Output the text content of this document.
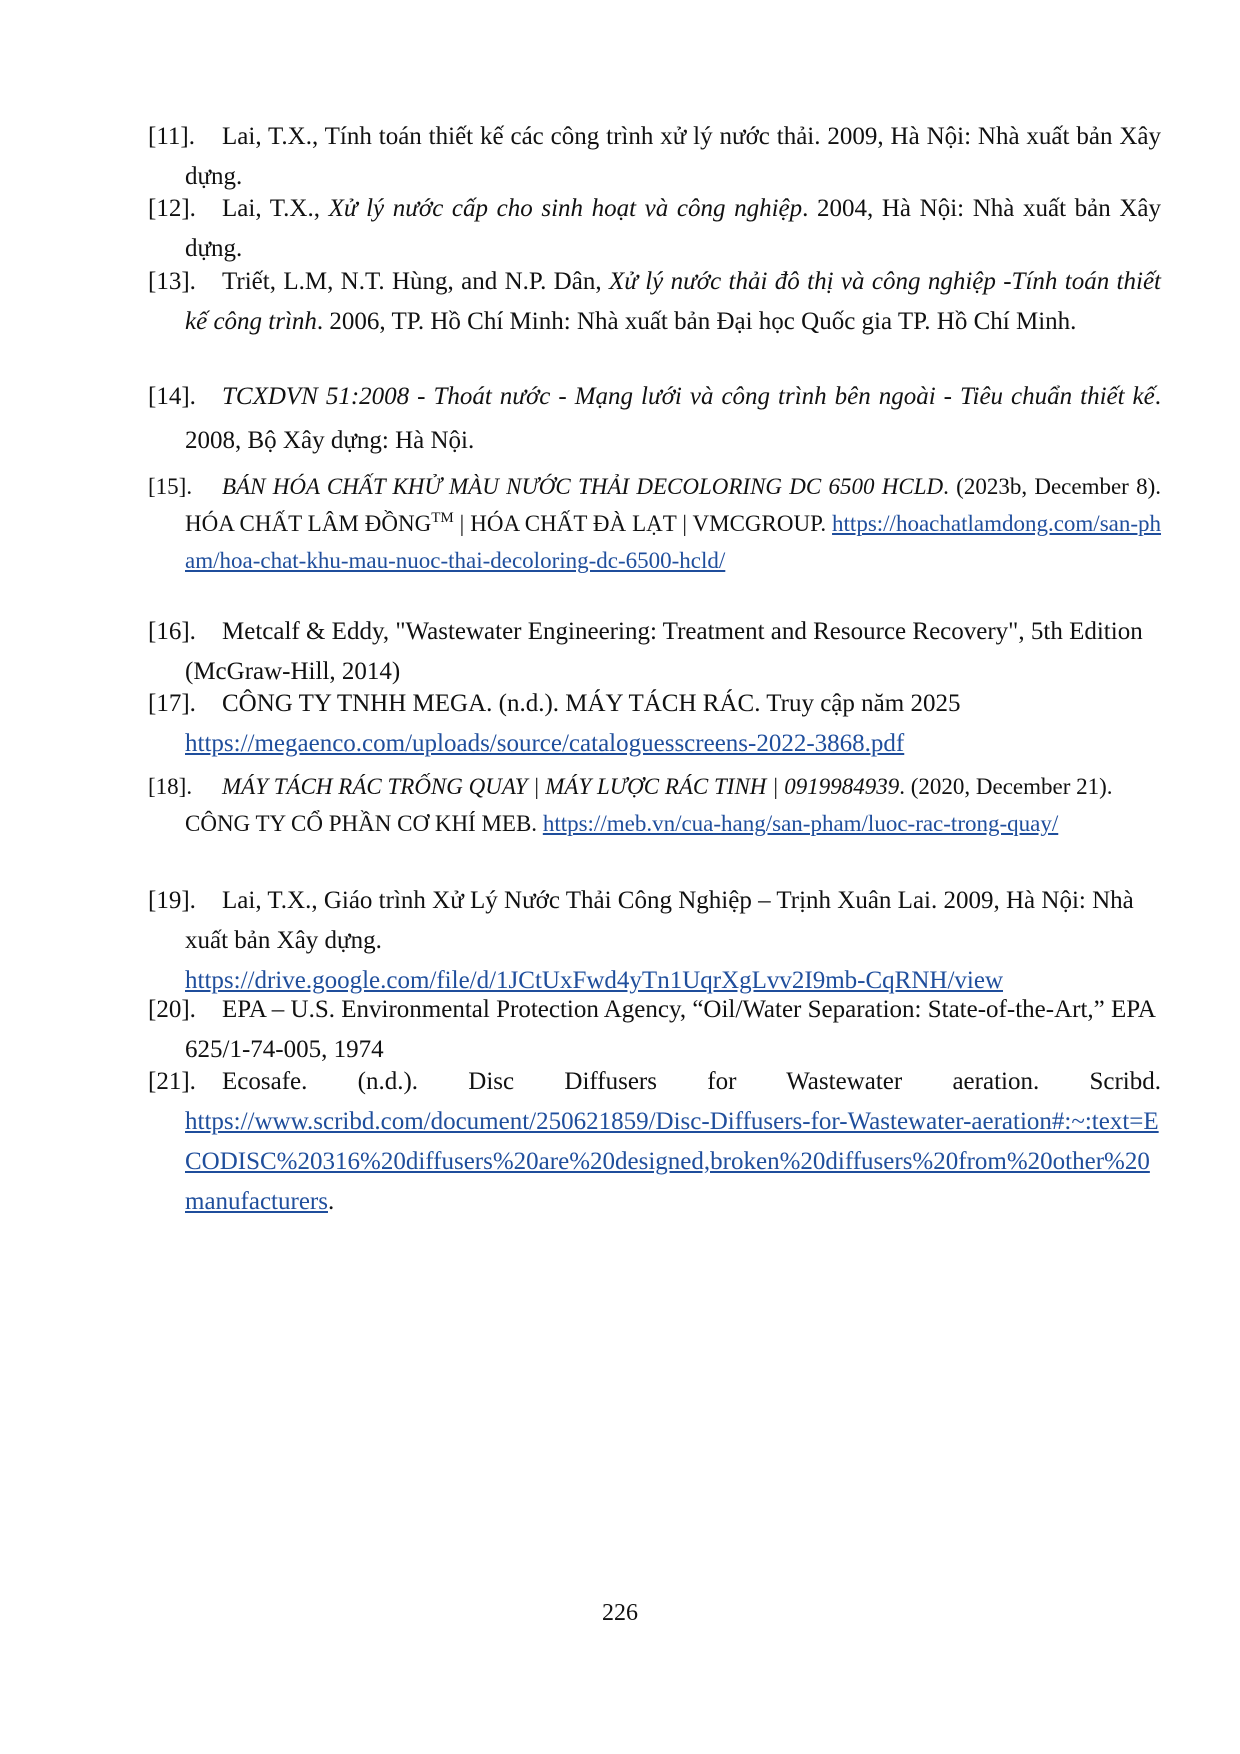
[11]. Lai, T.X., Tính toán thiết kế các công trình xử lý nước thải. 2009, Hà Nội: Nhà xuất bản Xây dựng.
[12]. Lai, T.X., Xử lý nước cấp cho sinh hoạt và công nghiệp. 2004, Hà Nội: Nhà xuất bản Xây dựng.
[13]. Triết, L.M, N.T. Hùng, and N.P. Dân, Xử lý nước thải đô thị và công nghiệp -Tính toán thiết kế công trình. 2006, TP. Hồ Chí Minh: Nhà xuất bản Đại học Quốc gia TP. Hồ Chí Minh.
[14]. TCXDVN 51:2008 - Thoát nước - Mạng lưới và công trình bên ngoài - Tiêu chuẩn thiết kế. 2008, Bộ Xây dựng: Hà Nội.
[15]. BÁN HÓA CHẤT KHỬ MÀU NƯỚC THẢI DECOLORING DC 6500 HCLD. (2023b, December 8). HÓA CHẤT LÂM ĐỒNG™ | HÓA CHẤT ĐÀ LẠT | VMCGROUP. https://hoachatlamdong.com/san-pham/hoa-chat-khu-mau-nuoc-thai-decoloring-dc-6500-hcld/
[16]. Metcalf & Eddy, "Wastewater Engineering: Treatment and Resource Recovery", 5th Edition (McGraw-Hill, 2014)
[17]. CÔNG TY TNHH MEGA. (n.d.). MÁY TÁCH RÁC. Truy cập năm 2025
https://megaenco.com/uploads/source/cataloguesscreens-2022-3868.pdf
[18]. MÁY TÁCH RÁC TRỐNG QUAY | MÁY LƯỢC RÁC TINH | 0919984939. (2020, December 21). CÔNG TY CỔ PHẦN CƠ KHÍ MEB. https://meb.vn/cua-hang/san-pham/luoc-rac-trong-quay/
[19]. Lai, T.X., Giáo trình Xử Lý Nước Thải Công Nghiệp – Trịnh Xuân Lai. 2009, Hà Nội: Nhà xuất bản Xây dựng.
https://drive.google.com/file/d/1JCtUxFwd4yTn1UqrXgLvv2I9mb-CqRNH/view
[20]. EPA – U.S. Environmental Protection Agency, “Oil/Water Separation: State-of-the-Art,” EPA 625/1-74-005, 1974
[21]. Ecosafe. (n.d.). Disc Diffusers for Wastewater aeration. Scribd.
https://www.scribd.com/document/250621859/Disc-Diffusers-for-Wastewater-aeration#:~:text=ECODISC%20316%20diffusers%20are%20designed,broken%20diffusers%20from%20other%20manufacturers.
226
